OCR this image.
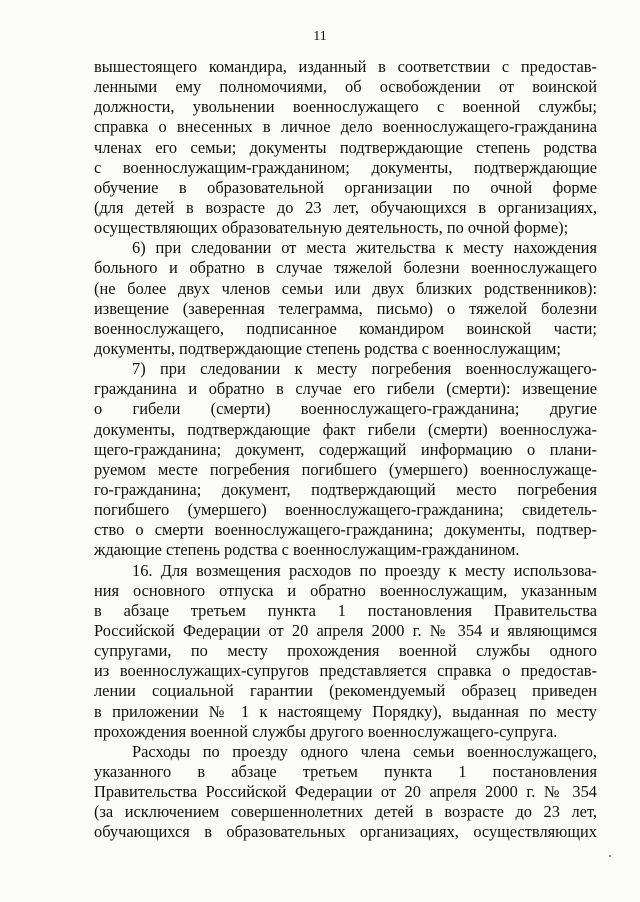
11
вышестоящего командира, изданный в соответствии с предостав-
ленными ему полномочиями, об освобождении от воинской
должности, увольнении военнослужащего с военной службы;
справка о внесенных в личное дело военнослужащего-гражданина
членах его семьи; документы подтверждающие степень родства
с военнослужащим-гражданином; документы, подтверждающие
обучение в образовательной организации по очной форме
(для детей в возрасте до 23 лет, обучающихся в организациях,
осуществляющих образовательную деятельность, по очной форме);
6) при следовании от места жительства к месту нахождения
больного и обратно в случае тяжелой болезни военнослужащего
(не более двух членов семьи или двух близких родственников):
извещение (заверенная телеграмма, письмо) о тяжелой болезни
военнослужащего, подписанное командиром воинской части;
документы, подтверждающие степень родства с военнослужащим;
7) при следовании к месту погребения военнослужащего-
гражданина и обратно в случае его гибели (смерти): извещение
о гибели (смерти) военнослужащего-гражданина; другие
документы, подтверждающие факт гибели (смерти) военнослужа-
щего-гражданина; документ, содержащий информацию о плани-
руемом месте погребения погибшего (умершего) военнослужаще-
го-гражданина; документ, подтверждающий место погребения
погибшего (умершего) военнослужащего-гражданина; свидетель-
ство о смерти военнослужащего-гражданина; документы, подтвер-
ждающие степень родства с военнослужащим-гражданином.
16. Для возмещения расходов по проезду к месту использова-
ния основного отпуска и обратно военнослужащим, указанным
в абзаце третьем пункта 1 постановления Правительства
Российской Федерации от 20 апреля 2000 г. № 354 и являющимся
супругами, по месту прохождения военной службы одного
из военнослужащих-супругов представляется справка о предостав-
лении социальной гарантии (рекомендуемый образец приведен
в приложении № 1 к настоящему Порядку), выданная по месту
прохождения военной службы другого военнослужащего-супруга.
Расходы по проезду одного члена семьи военнослужащего,
указанного в абзаце третьем пункта 1 постановления
Правительства Российской Федерации от 20 апреля 2000 г. № 354
(за исключением совершеннолетних детей в возрасте до 23 лет,
обучающихся в образовательных организациях, осуществляющих
